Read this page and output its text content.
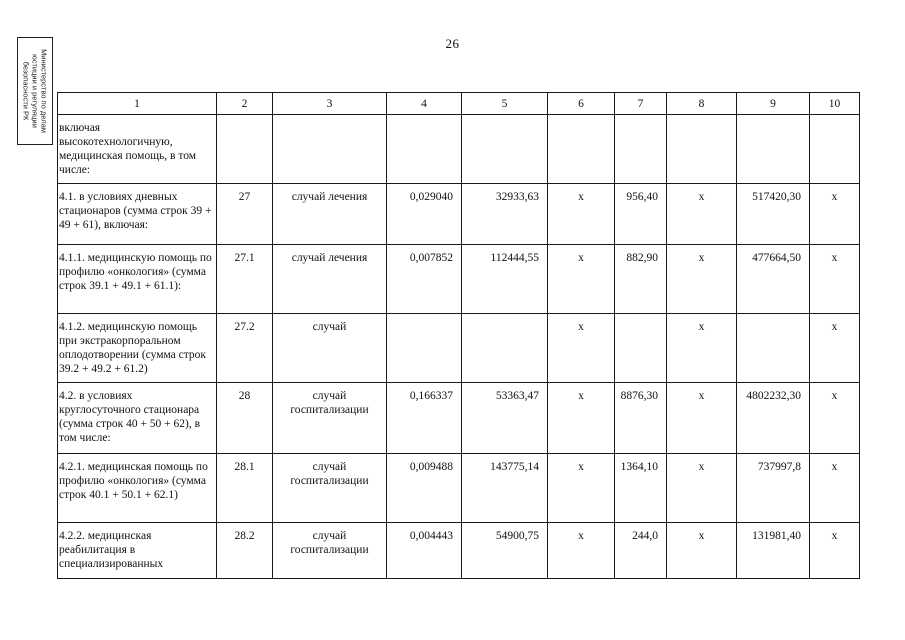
26
Министерство по делам юстиции и регуляции безопасности РК	1	2	3	4	5	6	7	8	9	10
включая высокотехнологичную, медицинская помощь, в том числе:									
4.1. в условиях дневных стационаров (сумма строк 39 + 49 + 61), включая:	27	случай лечения	0,029040	32933,63	х	956,40	х	517420,30	х
4.1.1. медицинскую помощь по профилю «онкология» (сумма строк 39.1 + 49.1 + 61.1):	27.1	случай лечения	0,007852	112444,55	х	882,90	х	477664,50	х
4.1.2. медицинскую помощь при экстракорпоральном оплодотворении (сумма строк 39.2 + 49.2 + 61.2)	27.2	случай			х		х		х
4.2. в условиях круглосуточного стационара (сумма строк 40 + 50 + 62), в том числе:	28	случай госпитализации	0,166337	53363,47	х	8876,30	х	4802232,30	х
4.2.1. медицинская помощь по профилю «онкология» (сумма строк 40.1 + 50.1 + 62.1)	28.1	случай госпитализации	0,009488	143775,14	х	1364,10	х	737997,8	х
4.2.2. медицинская реабилитация в специализированных	28.2	случай госпитализации	0,004443	54900,75	х	244,0	х	131981,40	х
